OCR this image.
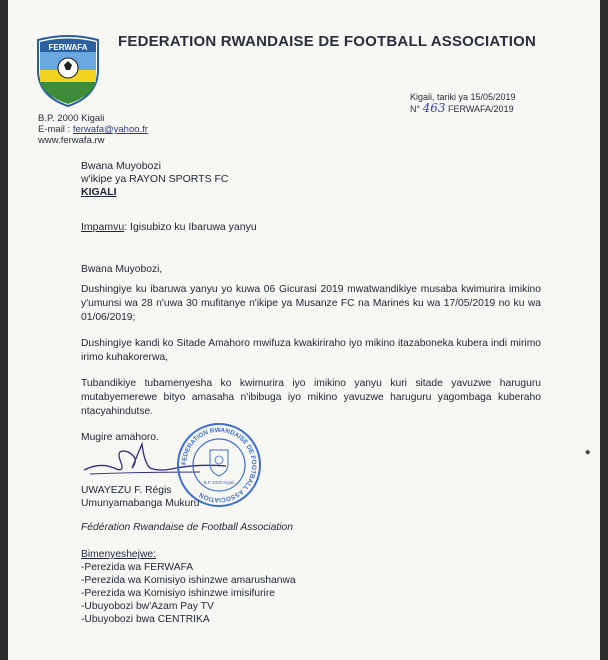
FERWAFA FEDERATION RWANDAISE DE FOOTBALL ASSOCIATION
B.P. 2000 Kigali
E-mail : ferwafa@yahoo.fr
www.ferwafa.rw
Kigali, tariki ya 15/05/2019
N° 463 FERWAFA/2019
Bwana Muyobozi
w'ikipe ya RAYON SPORTS FC
KIGALI
Impamvu: Igisubizo ku Ibaruwa yanyu
Bwana Muyobozi,
Dushingiye ku ibaruwa yanyu yo kuwa 06 Gicurasi 2019 mwatwandikiye musaba kwimurira imikino y'umunsi wa 28 n'uwa 30 mufitanye n'ikipe ya Musanze FC na Marines ku wa 17/05/2019 no ku wa 01/06/2019;
Dushingiye kandi ko Sitade Amahoro mwifuza kwakiriraho iyo mikino itazaboneka kubera indi mirimo irimo kuhakorerwa,
Tubandikiye tubamenyesha ko kwimurira iyo imikino yanyu kuri sitade yavuzwe haruguru mutabyemerewe bityo amasaha n'ibibuga iyo mikino yavuzwe haruguru yagombaga kuberaho ntacyahindutse.
Mugire amahoro.
FEDERATION RWANDAISE DE FOOTBALL ASSOCIATION
B.P 2000 Kigali
UWAYEZU F. Régis
Umunyamabanga Mukuru
Fédération Rwandaise de Football Association
Bimenyeshejwe:
-Perezida wa FERWAFA
-Perezida wa Komisiyo ishinzwe amarushanwa
-Perezida wa Komisiyo ishinzwe imisifurire
-Ubuyobozi bw'Azam Pay TV
-Ubuyobozi bwa CENTRIKA
◆
